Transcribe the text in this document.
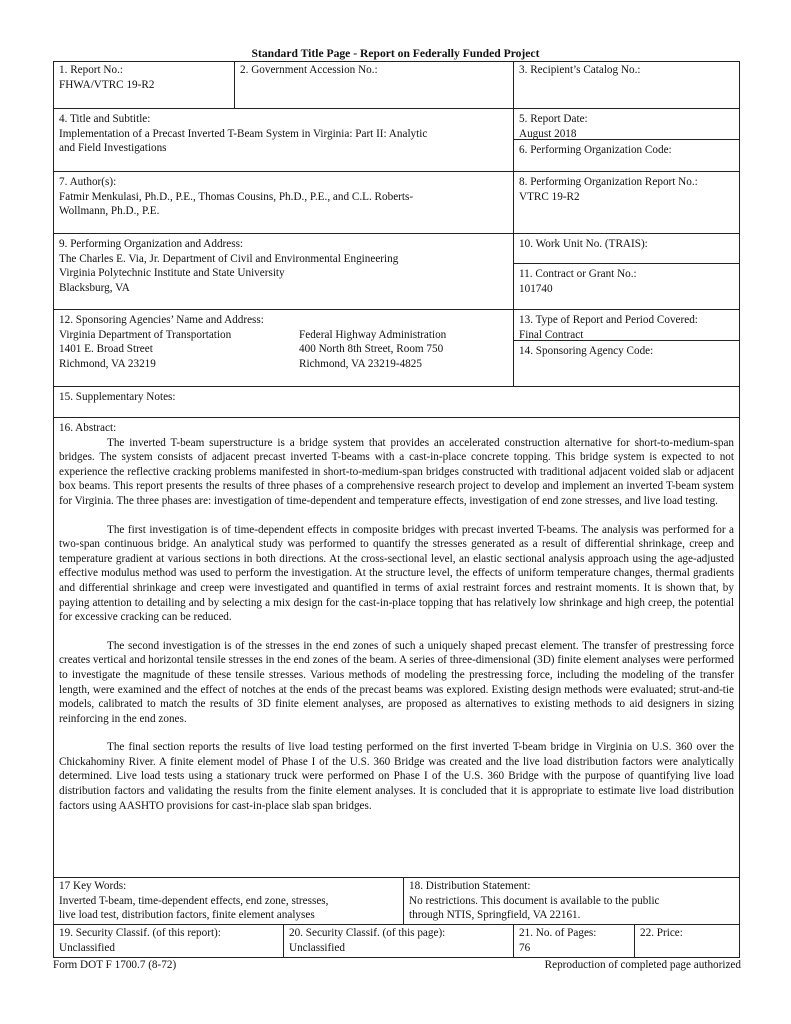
Standard Title Page - Report on Federally Funded Project
1. Report No.:
FHWA/VTRC 19-R2
2. Government Accession No.:	3. Recipient’s Catalog No.:
4. Title and Subtitle:
Implementation of a Precast Inverted T-Beam System in Virginia: Part II: Analytic
and Field Investigations
5. Report Date:
August 2018
6. Performing Organization Code:
7. Author(s):
Fatmir Menkulasi, Ph.D., P.E., Thomas Cousins, Ph.D., P.E., and C.L. Roberts-
Wollmann, Ph.D., P.E.
8. Performing Organization Report No.:
VTRC 19-R2
9. Performing Organization and Address:
The Charles E. Via, Jr. Department of Civil and Environmental Engineering
Virginia Polytechnic Institute and State University
Blacksburg, VA
10. Work Unit No. (TRAIS):
11. Contract or Grant No.:
101740
12. Sponsoring Agencies’ Name and Address:
Virginia Department of Transportation
1401 E. Broad Street
Richmond, VA 23219
Federal Highway Administration
400 North 8th Street, Room 750
Richmond, VA 23219-4825
13. Type of Report and Period Covered:
Final Contract
14. Sponsoring Agency Code:
15. Supplementary Notes:
16. Abstract:

The inverted T-beam superstructure is a bridge system that provides an accelerated construction alternative for short-to-medium-span bridges. The system consists of adjacent precast inverted T-beams with a cast-in-place concrete topping. This bridge system is expected to not experience the reflective cracking problems manifested in short-to-medium-span bridges constructed with traditional adjacent voided slab or adjacent box beams. This report presents the results of three phases of a comprehensive research project to develop and implement an inverted T-beam system for Virginia. The three phases are: investigation of time-dependent and temperature effects, investigation of end zone stresses, and live load testing.

The first investigation is of time-dependent effects in composite bridges with precast inverted T-beams. The analysis was performed for a two-span continuous bridge. An analytical study was performed to quantify the stresses generated as a result of differential shrinkage, creep and temperature gradient at various sections in both directions. At the cross-sectional level, an elastic sectional analysis approach using the age-adjusted effective modulus method was used to perform the investigation. At the structure level, the effects of uniform temperature changes, thermal gradients and differential shrinkage and creep were investigated and quantified in terms of axial restraint forces and restraint moments. It is shown that, by paying attention to detailing and by selecting a mix design for the cast-in-place topping that has relatively low shrinkage and high creep, the potential for excessive cracking can be reduced.

The second investigation is of the stresses in the end zones of such a uniquely shaped precast element. The transfer of prestressing force creates vertical and horizontal tensile stresses in the end zones of the beam. A series of three-dimensional (3D) finite element analyses were performed to investigate the magnitude of these tensile stresses. Various methods of modeling the prestressing force, including the modeling of the transfer length, were examined and the effect of notches at the ends of the precast beams was explored. Existing design methods were evaluated; strut-and-tie models, calibrated to match the results of 3D finite element analyses, are proposed as alternatives to existing methods to aid designers in sizing reinforcing in the end zones.

The final section reports the results of live load testing performed on the first inverted T-beam bridge in Virginia on U.S. 360 over the Chickahominy River. A finite element model of Phase I of the U.S. 360 Bridge was created and the live load distribution factors were analytically determined. Live load tests using a stationary truck were performed on Phase I of the U.S. 360 Bridge with the purpose of quantifying live load distribution factors and validating the results from the finite element analyses. It is concluded that it is appropriate to estimate live load distribution factors using AASHTO provisions for cast-in-place slab span bridges.

17 Key Words:
Inverted T-beam, time-dependent effects, end zone, stresses,
live load test, distribution factors, finite element analyses
18. Distribution Statement:
No restrictions. This document is available to the public
through NTIS, Springfield, VA 22161.
19. Security Classif. (of this report):
Unclassified
20. Security Classif. (of this page):
Unclassified
21. No. of Pages:
76
22. Price:
Form DOT F 1700.7 (8-72)	Reproduction of completed page authorized
